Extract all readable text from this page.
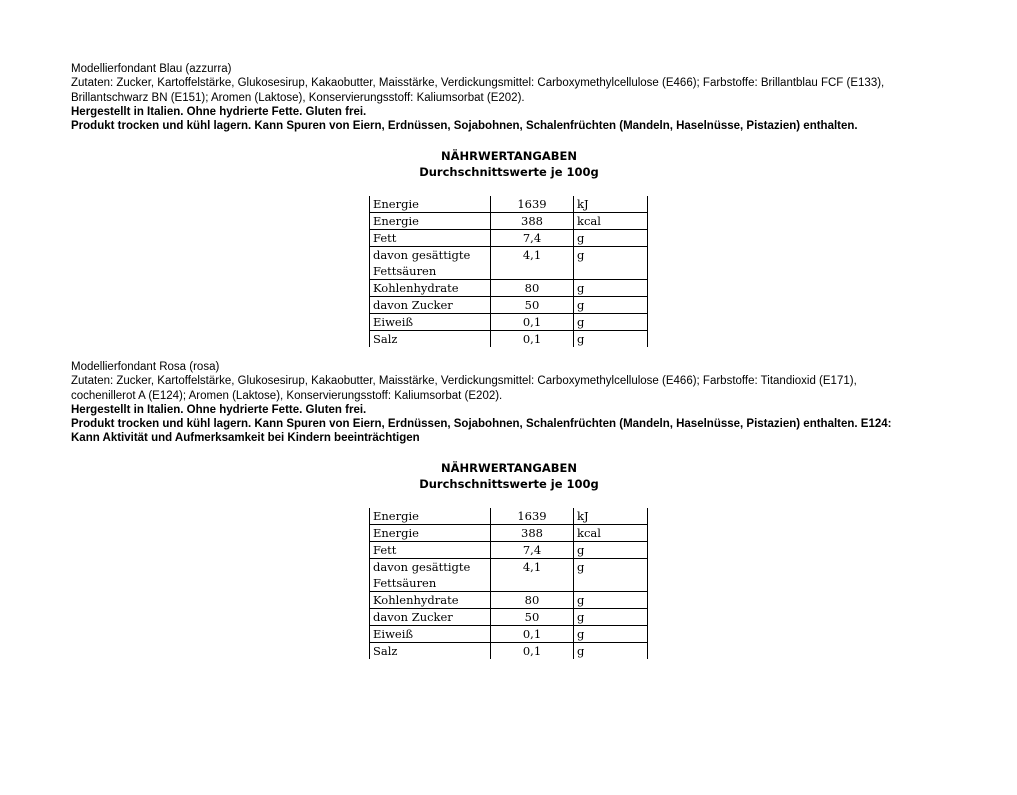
Modellierfondant Blau (azzurra)
Zutaten: Zucker, Kartoffelstärke, Glukosesirup, Kakaobutter, Maisstärke, Verdickungsmittel: Carboxymethylcellulose (E466); Farbstoffe: Brillantblau FCF (E133),
Brillantschwarz BN (E151); Aromen (Laktose), Konservierungsstoff: Kaliumsorbat (E202).
Hergestellt in Italien. Ohne hydrierte Fette. Gluten frei.
Produkt trocken und kühl lagern. Kann Spuren von Eiern, Erdnüssen, Sojabohnen, Schalenfrüchten (Mandeln, Haselnüsse, Pistazien) enthalten.
NÄHRWERTANGABEN
Durchschnittswerte je 100g
Energie	1639	kJ

Energie	388	kcal

Fett	7,4	g

davon gesättigte
Fettsäuren	4,1	g

Kohlenhydrate	80	g

davon Zucker	50	g

Eiweiß	0,1	g

Salz	0,1	g
Modellierfondant Rosa (rosa)
Zutaten: Zucker, Kartoffelstärke, Glukosesirup, Kakaobutter, Maisstärke, Verdickungsmittel: Carboxymethylcellulose (E466); Farbstoffe: Titandioxid (E171),
cochenillerot A (E124); Aromen (Laktose), Konservierungsstoff: Kaliumsorbat (E202).
Hergestellt in Italien. Ohne hydrierte Fette. Gluten frei.
Produkt trocken und kühl lagern. Kann Spuren von Eiern, Erdnüssen, Sojabohnen, Schalenfrüchten (Mandeln, Haselnüsse, Pistazien) enthalten. E124:
Kann Aktivität und Aufmerksamkeit bei Kindern beeinträchtigen
NÄHRWERTANGABEN
Durchschnittswerte je 100g
Energie	1639	kJ

Energie	388	kcal

Fett	7,4	g

davon gesättigte
Fettsäuren	4,1	g

Kohlenhydrate	80	g

davon Zucker	50	g

Eiweiß	0,1	g

Salz	0,1	g
